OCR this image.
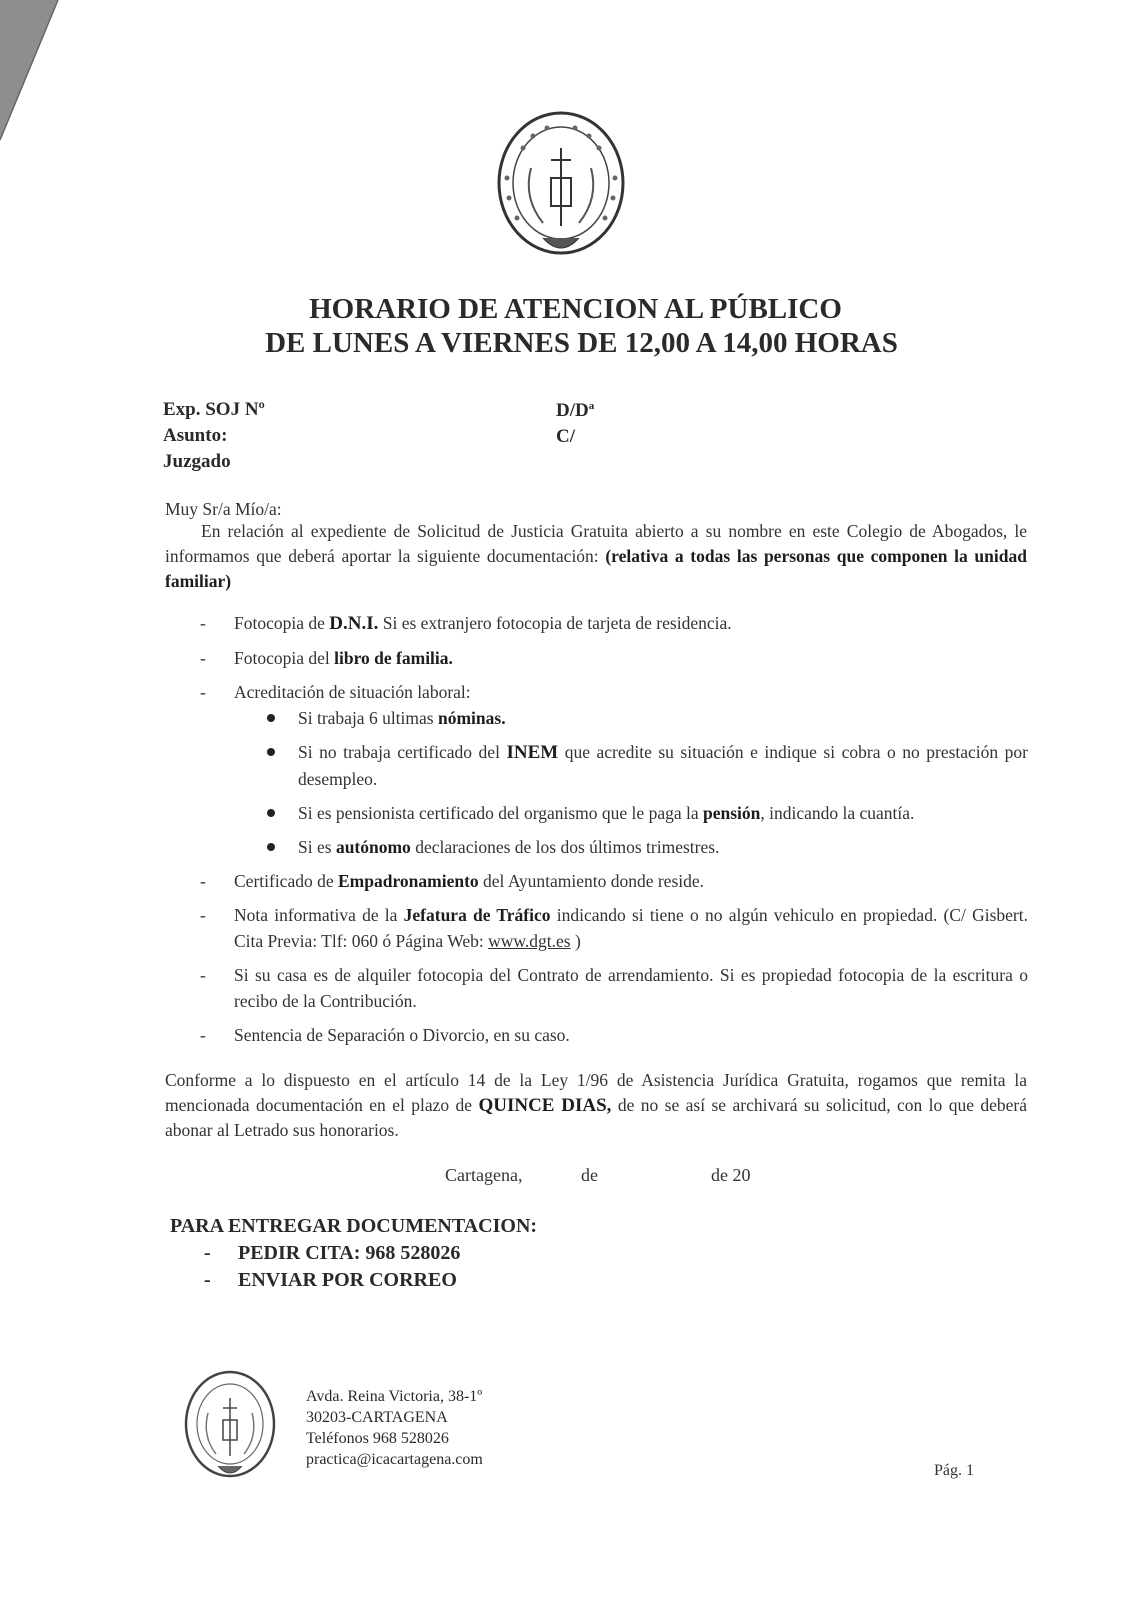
HORARIO DE ATENCION AL PÚBLICO
DE LUNES A VIERNES DE 12,00 A 14,00 HORAS
Exp. SOJ Nº
Asunto:
Juzgado
$D/D^a$
C/
Muy Sr/a Mío/a:
En relación al expediente de Solicitud de Justicia Gratuita abierto a su nombre en este Colegio de Abogados, le informamos que deberá aportar la siguiente documentación: (relativa a todas las personas que componen la unidad familiar)
- Fotocopia de D.N.I. Si es extranjero fotocopia de tarjeta de residencia.
- Fotocopia del libro de familia.
- Acreditación de situación laboral:
Si trabaja 6 ultimas nóminas.
Si no trabaja certificado del INEM que acredite su situación e indique si cobra o no prestación por desempleo.
Si es pensionista certificado del organismo que le paga la pensión, indicando la cuantía.
Si es autónomo declaraciones de los dos últimos trimestres.
- Certificado de Empadronamiento del Ayuntamiento donde reside.
- Nota informativa de la Jefatura de Tráfico indicando si tiene o no algún vehiculo en propiedad. (C/ Gisbert. Cita Previa: Tlf: 060 ó Página Web: www.dgt.es )
- Si su casa es de alquiler fotocopia del Contrato de arrendamiento. Si es propiedad fotocopia de la escritura o recibo de la Contribución.
- Sentencia de Separación o Divorcio, en su caso.
Conforme a lo dispuesto en el artículo 14 de la Ley 1/96 de Asistencia Jurídica Gratuita, rogamos que remita la mencionada documentación en el plazo de QUINCE DIAS, de no se así se archivará su solicitud, con lo que deberá abonar al Letrado sus honorarios.
Cartagena,	de	de 20
PARA ENTREGAR DOCUMENTACION:
- PEDIR CITA: 968 528026
- ENVIAR POR CORREO
Avda. Reina Victoria, 38-1º
30203-CARTAGENA
Teléfonos 968 528026
practica@icacartagena.com
Pág. 1
